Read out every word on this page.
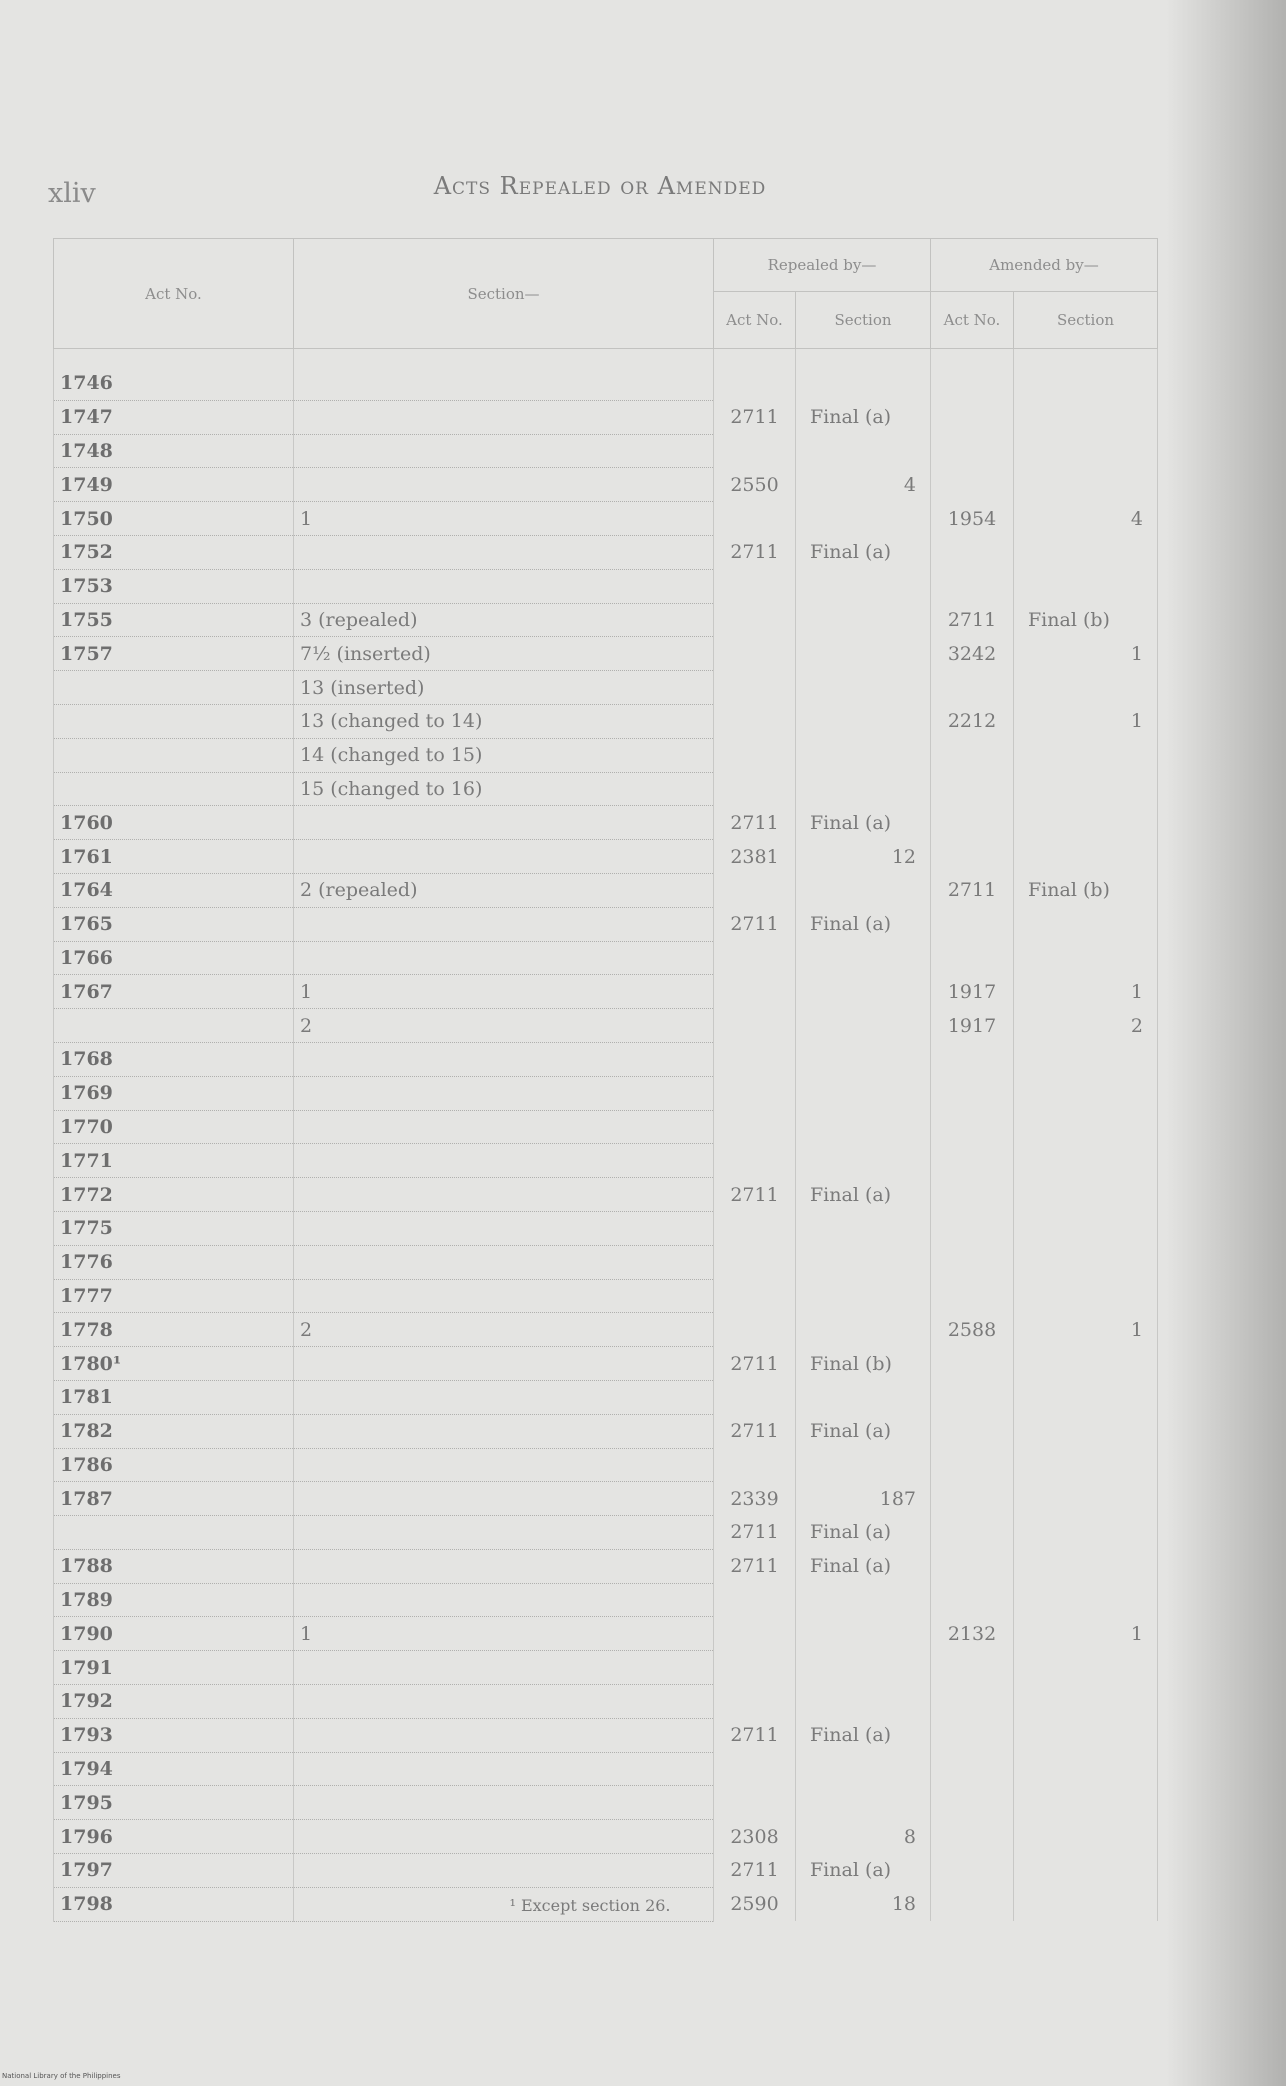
xliv	Acts Repealed or Amended
Act No.	Section—	Repealed by—		Amended by—	
		Act No.	Section	Act No.	Section
1746					
1747		2711	Final (a)		
1748					
1749		2550	4		
1750	1			1954	4
1752		2711	Final (a)		
1753					
1755	3 (repealed)			2711	Final (b)
1757	7½ (inserted)			3242	1
	13 (inserted)				
	13 (changed to 14)			2212	1
	14 (changed to 15)				
	15 (changed to 16)				
1760		2711	Final (a)		
1761		2381	12		
1764	2 (repealed)			2711	Final (b)
1765		2711	Final (a)		
1766					
1767	1			1917	1
	2			1917	2
1768					
1769					
1770					
1771					
1772		2711	Final (a)		
1775					
1776					
1777					
1778	2			2588	1
1780¹		2711	Final (b)		
1781					
1782		2711	Final (a)		
1786					
1787		2339	187		
		2711	Final (a)		
1788		2711	Final (a)		
1789					
1790	1			2132	1
1791					
1792					
1793		2711	Final (a)		
1794					
1795					
1796		2308	8		
1797		2711	Final (a)		
1798		2590	18		
¹ Except section 26.
National Library of the Philippines
